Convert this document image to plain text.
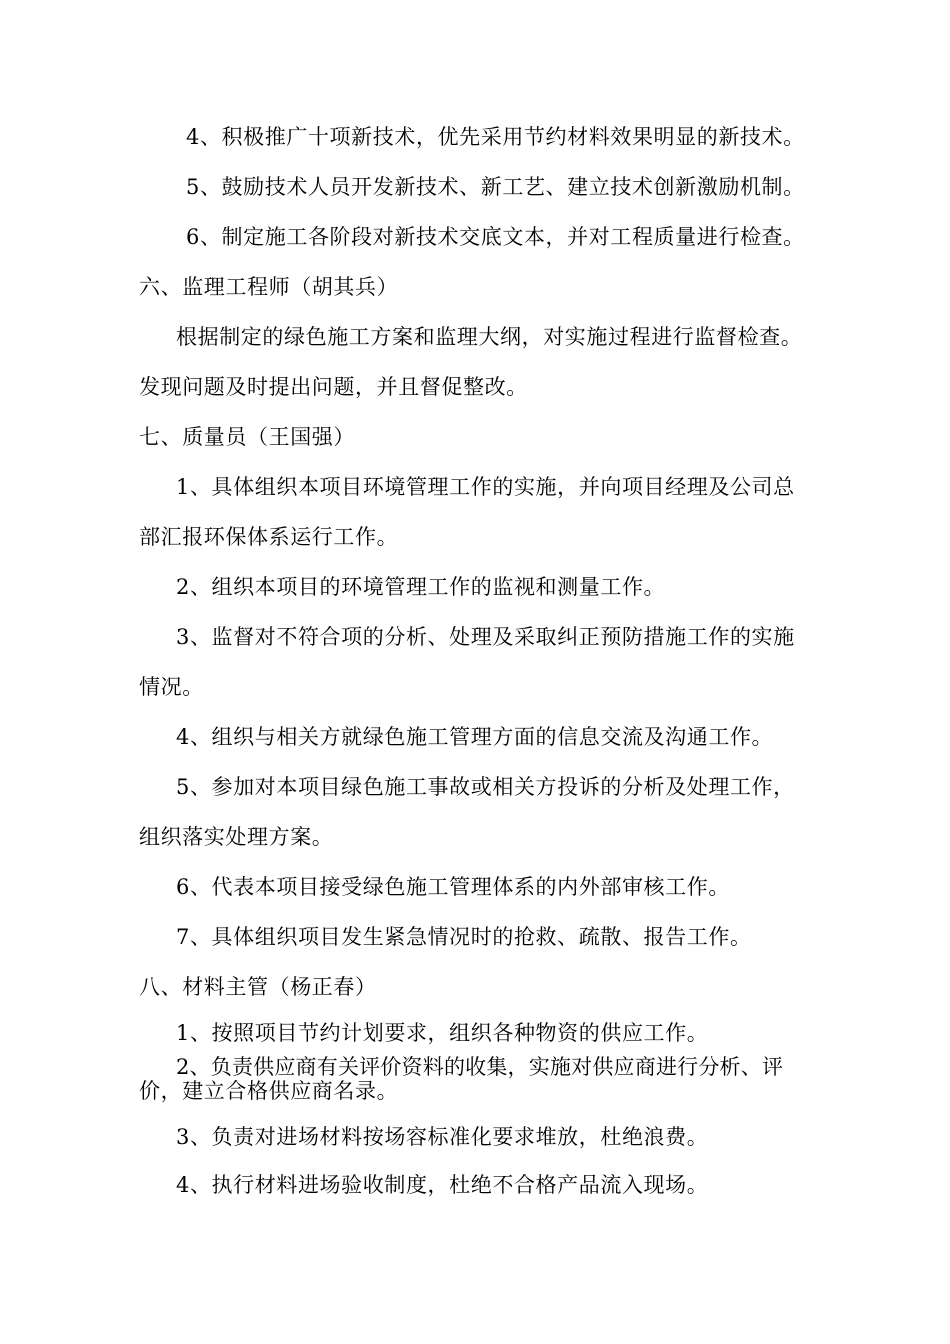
4、积极推广十项新技术，优先采用节约材料效果明显的新技术。
5、鼓励技术人员开发新技术、新工艺、建立技术创新激励机制。
6、制定施工各阶段对新技术交底文本，并对工程质量进行检查。
六、监理工程师（胡其兵）
根据制定的绿色施工方案和监理大纲，对实施过程进行监督检查。
发现问题及时提出问题，并且督促整改。
七、质量员（王国强）
1、具体组织本项目环境管理工作的实施，并向项目经理及公司总
部汇报环保体系运行工作。
2、组织本项目的环境管理工作的监视和测量工作。
3、监督对不符合项的分析、处理及采取纠正预防措施工作的实施
情况。
4、组织与相关方就绿色施工管理方面的信息交流及沟通工作。
5、参加对本项目绿色施工事故或相关方投诉的分析及处理工作，
组织落实处理方案。
6、代表本项目接受绿色施工管理体系的内外部审核工作。
7、具体组织项目发生紧急情况时的抢救、疏散、报告工作。
八、材料主管（杨正春）
1、按照项目节约计划要求，组织各种物资的供应工作。
2、负责供应商有关评价资料的收集，实施对供应商进行分析、评
价，建立合格供应商名录。
3、负责对进场材料按场容标准化要求堆放，杜绝浪费。
4、执行材料进场验收制度，杜绝不合格产品流入现场。
